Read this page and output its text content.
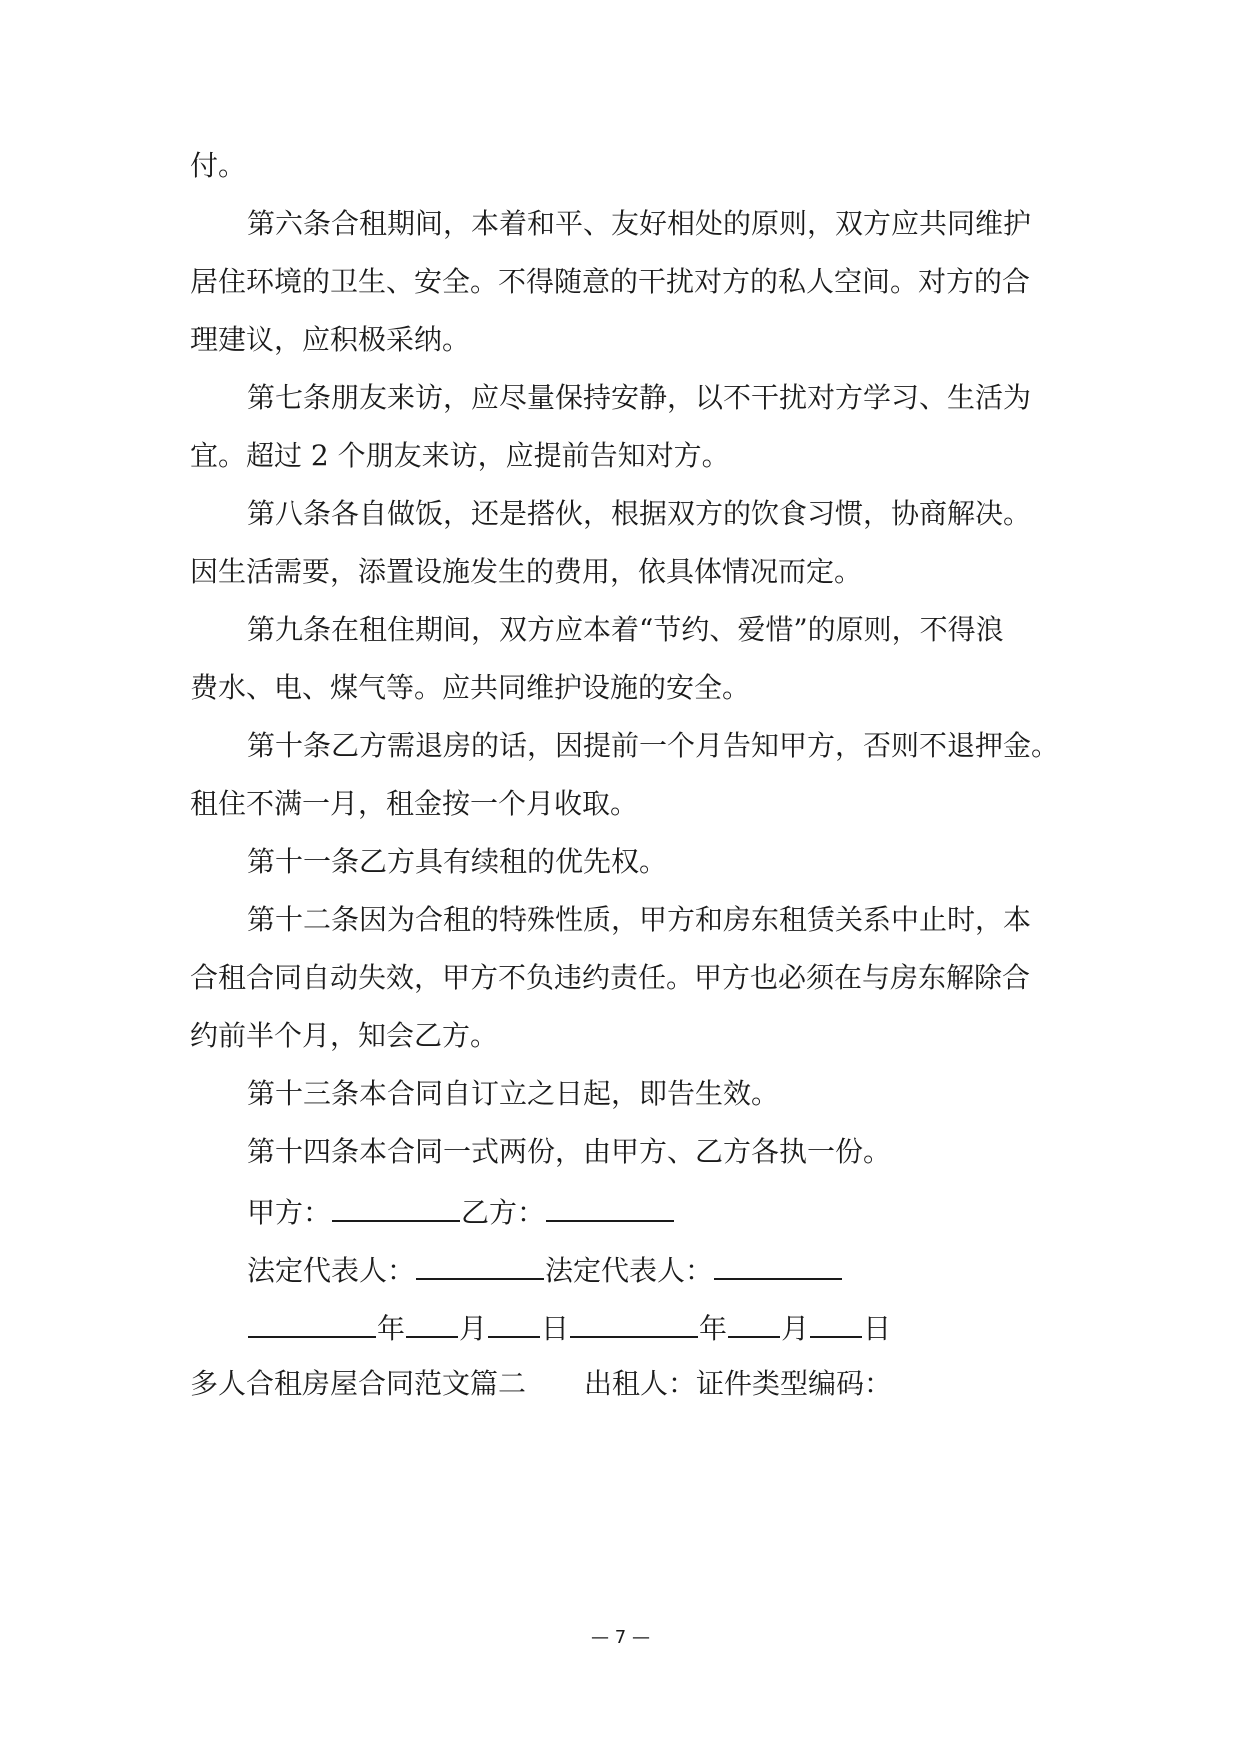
付。
第六条合租期间，本着和平、友好相处的原则，双方应共同维护
居住环境的卫生、安全。不得随意的干扰对方的私人空间。对方的合
理建议，应积极采纳。
第七条朋友来访，应尽量保持安静，以不干扰对方学习、生活为
宜。超过 2 个朋友来访，应提前告知对方。
第八条各自做饭，还是搭伙，根据双方的饮食习惯，协商解决。
因生活需要，添置设施发生的费用，依具体情况而定。
第九条在租住期间，双方应本着“节约、爱惜”的原则，不得浪
费水、电、煤气等。应共同维护设施的安全。
第十条乙方需退房的话，因提前一个月告知甲方，否则不退押金。
租住不满一月，租金按一个月收取。
第十一条乙方具有续租的优先权。
第十二条因为合租的特殊性质，甲方和房东租赁关系中止时，本
合租合同自动失效，甲方不负违约责任。甲方也必须在与房东解除合
约前半个月，知会乙方。
第十三条本合同自订立之日起，即告生效。
第十四条本合同一式两份，由甲方、乙方各执一份。
甲方：	乙方：
法定代表人：	法定代表人：
年 月 日	年 月 日
多人合租房屋合同范文篇二 出租人：证件类型编码：
— 7 —
